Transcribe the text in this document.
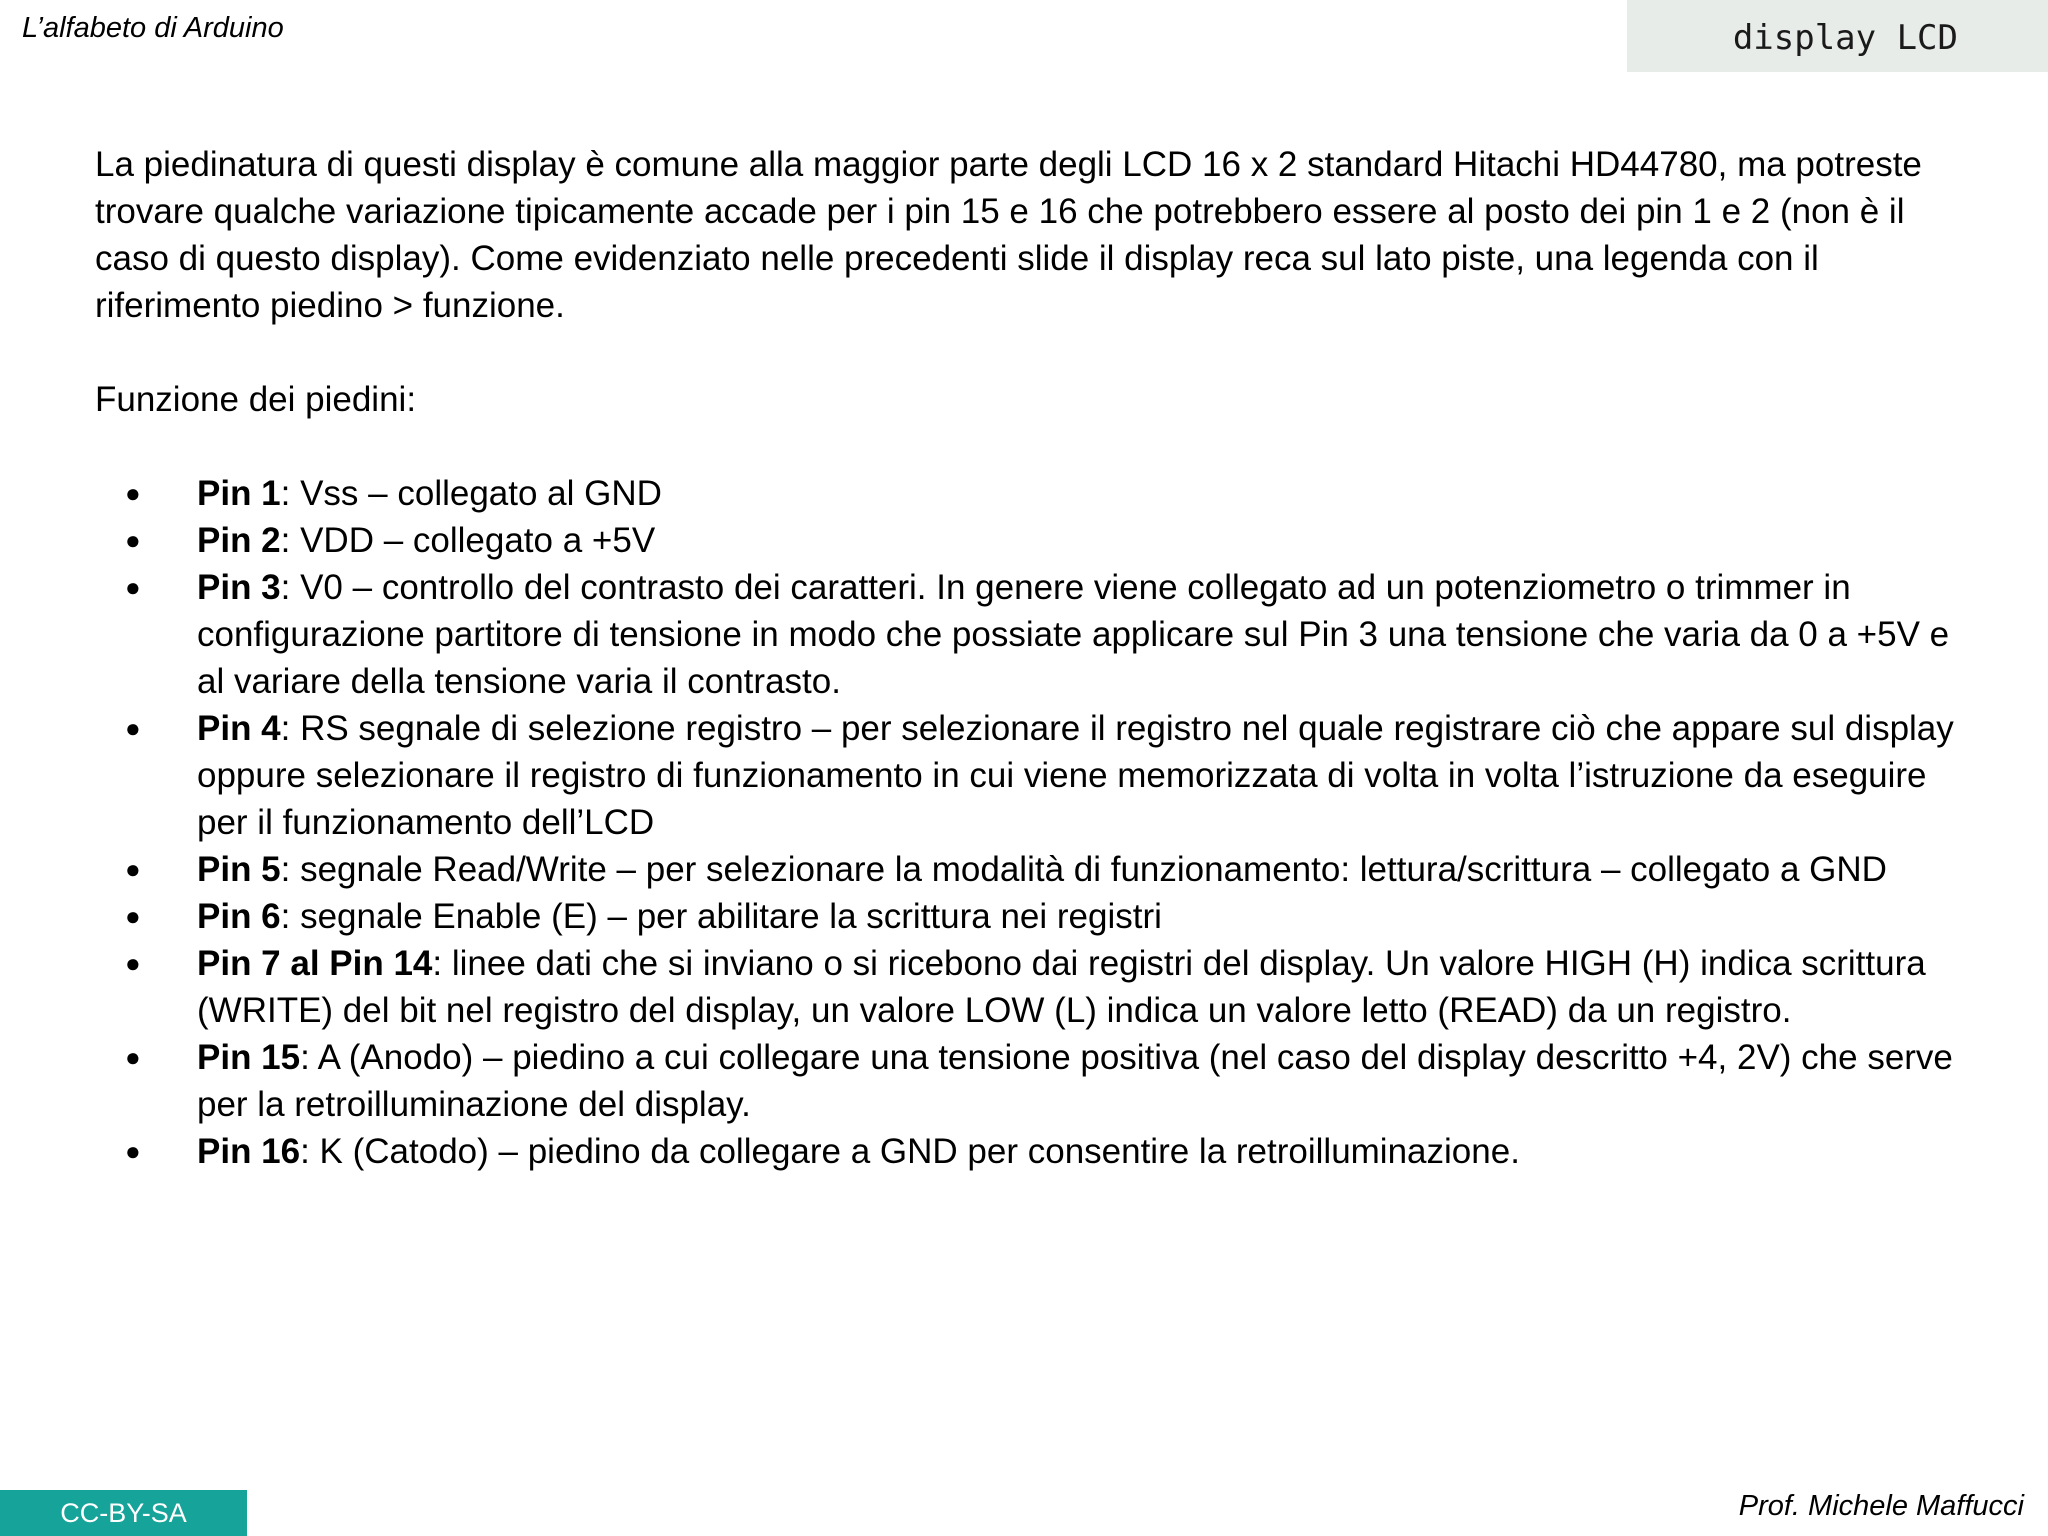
L’alfabeto di Arduino	display LCD

La piedinatura di questi display è comune alla maggior parte degli LCD 16 x 2 standard Hitachi HD44780, ma potreste trovare qualche variazione tipicamente accade per i pin 15 e 16 che potrebbero essere al posto dei pin 1 e 2 (non è il caso di questo display). Come evidenziato nelle precedenti slide il display reca sul lato piste, una legenda con il riferimento piedino > funzione.

Funzione dei piedini:

● Pin 1: Vss – collegato al GND
● Pin 2: VDD – collegato a +5V
● Pin 3: V0 – controllo del contrasto dei caratteri. In genere viene collegato ad un potenziometro o trimmer in configurazione partitore di tensione in modo che possiate applicare sul Pin 3 una tensione che varia da 0 a +5V e al variare della tensione varia il contrasto.
● Pin 4: RS segnale di selezione registro – per selezionare il registro nel quale registrare ciò che appare sul display oppure selezionare il registro di funzionamento in cui viene memorizzata di volta in volta l’istruzione da eseguire per il funzionamento dell’LCD
● Pin 5: segnale Read/Write – per selezionare la modalità di funzionamento: lettura/scrittura – collegato a GND
● Pin 6: segnale Enable (E) – per abilitare la scrittura nei registri
● Pin 7 al Pin 14: linee dati che si inviano o si ricebono dai registri del display. Un valore HIGH (H) indica scrittura (WRITE) del bit nel registro del display, un valore LOW (L) indica un valore letto (READ) da un registro.
● Pin 15: A (Anodo) – piedino a cui collegare una tensione positiva (nel caso del display descritto +4, 2V) che serve per la retroilluminazione del display.
● Pin 16: K (Catodo) – piedino da collegare a GND per consentire la retroilluminazione.
CC-BY-SA	Prof. Michele Maffucci
